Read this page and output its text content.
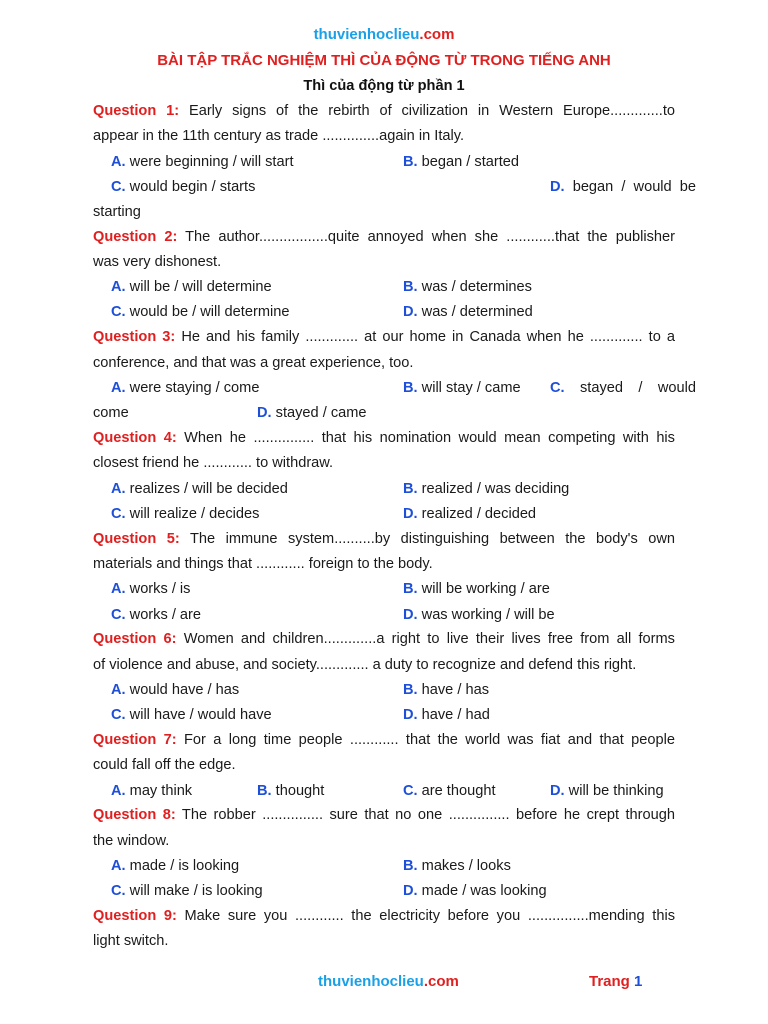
thuvienhoclieu.com
BÀI TẬP TRẮC NGHIỆM THÌ CỦA ĐỘNG TỪ TRONG TIẾNG ANH
Thì của động từ phần 1
Question 1: Early signs of the rebirth of civilization in Western Europe.............to
appear in the 11th century as trade ..............again in Italy.
A. were beginning / will start	B. began / started
C. would begin / starts	D. began / would be
starting
Question 2: The author.................quite annoyed when she ............that the publisher
was very dishonest.
A. will be / will determine	B. was / determines
C. would be / will determine	D. was / determined
Question 3: He and his family ............. at our home in Canada when he ............. to a
conference, and that was a great experience, too.
A. were staying / come	B. will stay / came C. stayed / would
come	D. stayed / came
Question 4: When he ............... that his nomination would mean competing with his
closest friend he ............ to withdraw.
A. realizes / will be decided	B. realized / was deciding
C. will realize / decides	D. realized / decided
Question 5: The immune system..........by distinguishing between the body's own
materials and things that ............ foreign to the body.
A. works / is	B. will be working / are
C. works / are	D. was working / will be
Question 6: Women and children.............a right to live their lives free from all forms
of violence and abuse, and society............. a duty to recognize and defend this right.
A. would have / has	B. have / has
C. will have / would have	D. have / had
Question 7: For a long time people ............ that the world was fiat and that people
could fall off the edge.
A. may think	B. thought	C. are thought	D. will be thinking
Question 8: The robber ............... sure that no one ............... before he crept through
the window.
A. made / is looking	B. makes / looks
C. will make / is looking	D. made / was looking
Question 9: Make sure you ............ the electricity before you ...............mending this
light switch.
thuvienhoclieu.com	Trang 1
